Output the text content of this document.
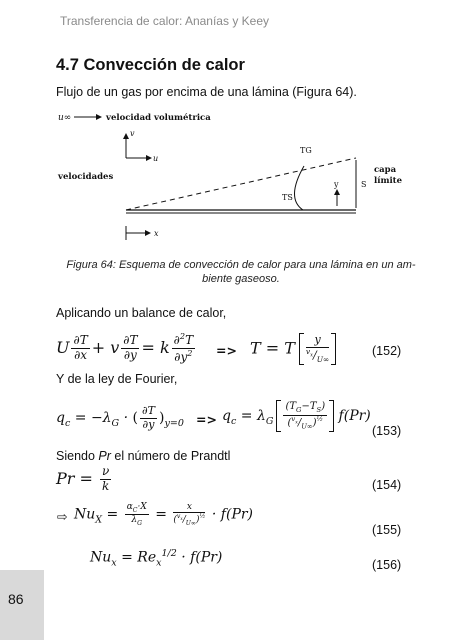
Transferencia de calor: Ananías y Keey
4.7 Convección de calor
Flujo de un gas por encima de una lámina (Figura 64).
u∞	velocidad volumétrica
v
u
velocidades
TG
TS
y	S
capa
límite
x
Figura 64: Esquema de convección de calor para una lámina en un am-biente gaseoso.
Aplicando un balance de calor,
U $\frac{\partial T}{\partial x} + v \frac{\partial T}{\partial y} = k \frac{\partial^2T}{\partial y^2} => T = T \frac{y}{^{v_x}/_{U\infty}}$	(152)
Y de la ley de Fourier,
$q_c = -\lambda_G$ · ( $\frac{\partial T}{\partial y} )_{y=0} => q_c = \lambda_G \frac{(T_G-T_S)}{(^{v_x}/_{U\infty})^{\frac{1}{2}}} f(Pr)$
(153)
Siendo Pr el número de Prandtl
$Pr = \frac{\nu}{k}$	(154)
⇨ $Nu_X = \frac{\alpha_C\cdot X}{\lambda_G} = \frac{x}{(^{v_x}/_{U\infty})^{\frac{1}{2}}} \cdot f(Pr)$
(155)
$Nu_x = Re_x^{1/2} \cdot f(Pr)$	(156)
86
